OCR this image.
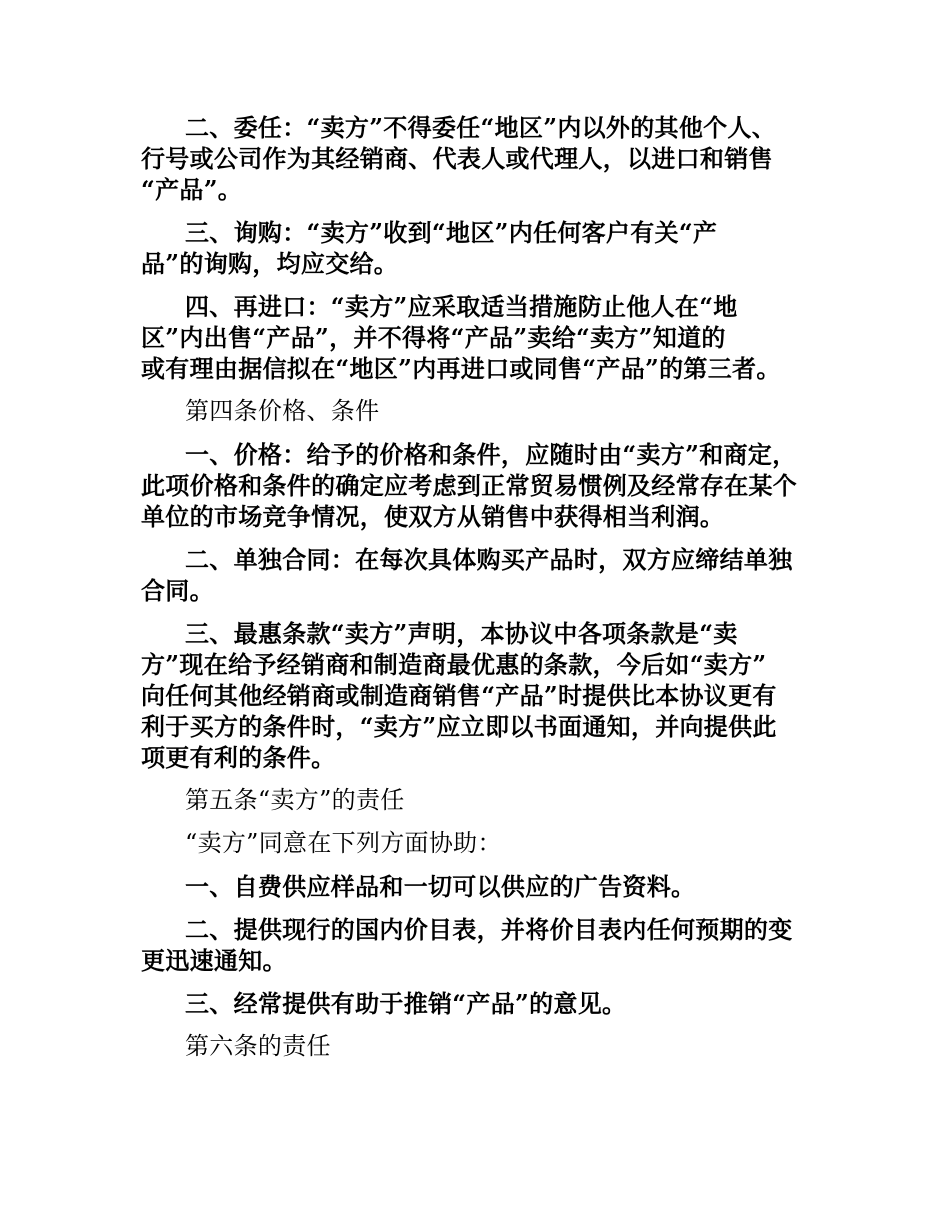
二、委任：“卖方”不得委任“地区”内以外的其他个人、
行号或公司作为其经销商、代表人或代理人，以进口和销售
“产品”。

三、询购：“卖方”收到“地区”内任何客户有关“产
品”的询购，均应交给。

四、再进口：“卖方”应采取适当措施防止他人在“地
区”内出售“产品”，并不得将“产品”卖给“卖方”知道的
或有理由据信拟在“地区”内再进口或同售“产品”的第三者。

第四条价格、条件

一、价格：给予的价格和条件，应随时由“卖方”和商定，
此项价格和条件的确定应考虑到正常贸易惯例及经常存在某个
单位的市场竞争情况，使双方从销售中获得相当利润。

二、单独合同：在每次具体购买产品时，双方应缔结单独
合同。

三、最惠条款“卖方”声明，本协议中各项条款是“卖
方”现在给予经销商和制造商最优惠的条款，今后如“卖方”
向任何其他经销商或制造商销售“产品”时提供比本协议更有
利于买方的条件时，“卖方”应立即以书面通知，并向提供此
项更有利的条件。

第五条“卖方”的责任

“卖方”同意在下列方面协助：

一、自费供应样品和一切可以供应的广告资料。

二、提供现行的国内价目表，并将价目表内任何预期的变
更迅速通知。

三、经常提供有助于推销“产品”的意见。

第六条的责任
